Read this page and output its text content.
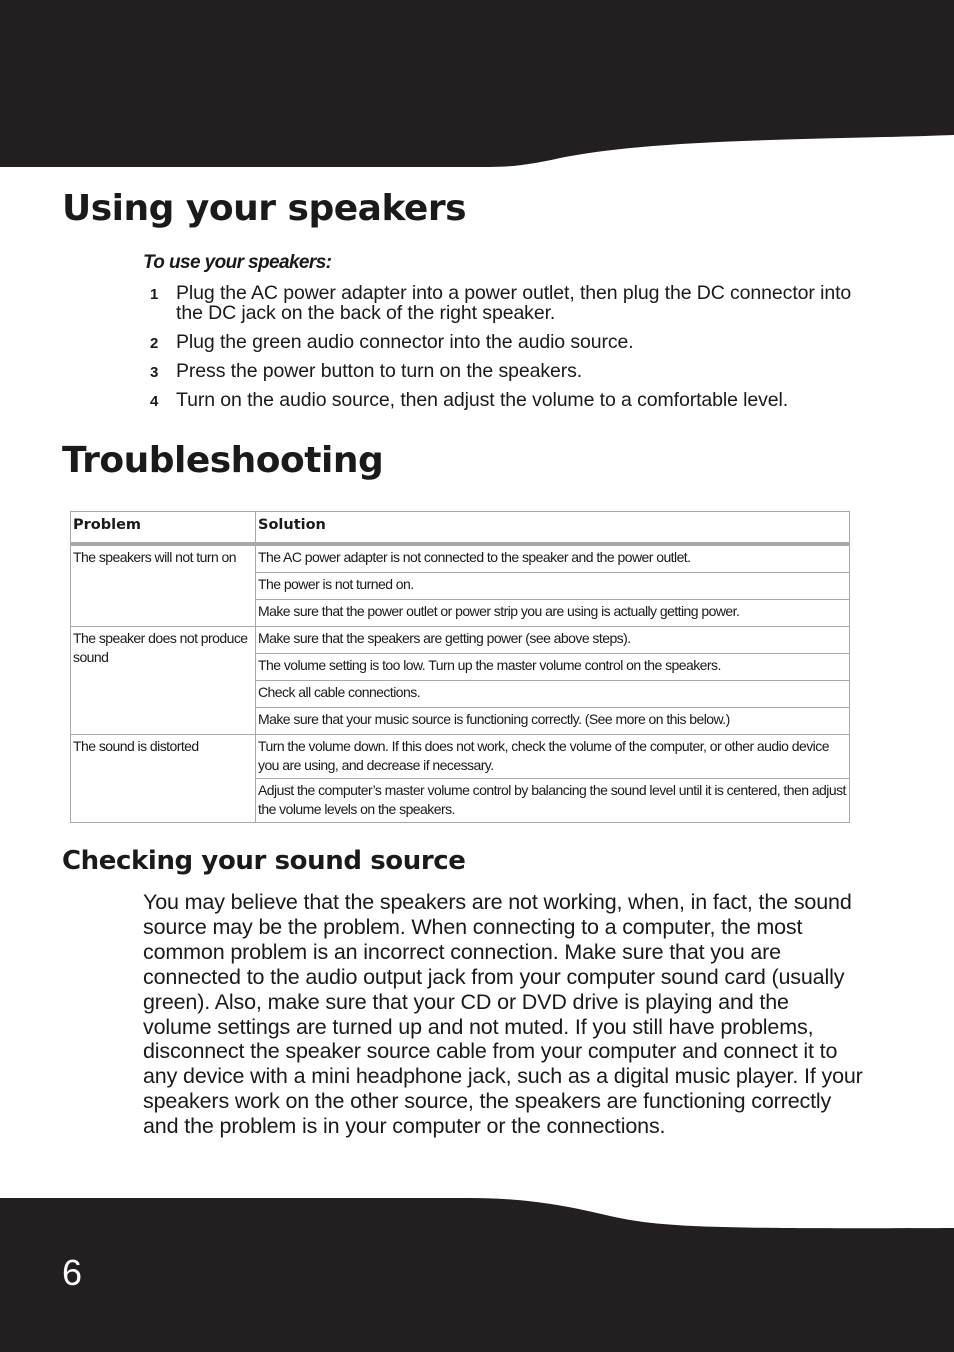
Using your speakers

To use your speakers:

1 Plug the AC power adapter into a power outlet, then plug the DC connector into the DC jack on the back of the right speaker.
2 Plug the green audio connector into the audio source.
3 Press the power button to turn on the speakers.
4 Turn on the audio source, then adjust the volume to a comfortable level.
Troubleshooting
Problem	Solution
The speakers will not turn on	The AC power adapter is not connected to the speaker and the power outlet.
	The power is not turned on.
	Make sure that the power outlet or power strip you are using is actually getting power.
The speaker does not produce sound	Make sure that the speakers are getting power (see above steps).
	The volume setting is too low. Turn up the master volume control on the speakers.
	Check all cable connections.
	Make sure that your music source is functioning correctly. (See more on this below.)
The sound is distorted	Turn the volume down. If this does not work, check the volume of the computer, or other audio device you are using, and decrease if necessary.
	Adjust the computer’s master volume control by balancing the sound level until it is centered, then adjust the volume levels on the speakers.
Checking your sound source

You may believe that the speakers are not working, when, in fact, the sound source may be the problem. When connecting to a computer, the most common problem is an incorrect connection. Make sure that you are connected to the audio output jack from your computer sound card (usually green). Also, make sure that your CD or DVD drive is playing and the volume settings are turned up and not muted. If you still have problems, disconnect the speaker source cable from your computer and connect it to any device with a mini headphone jack, such as a digital music player. If your speakers work on the other source, the speakers are functioning correctly and the problem is in your computer or the connections.

6
